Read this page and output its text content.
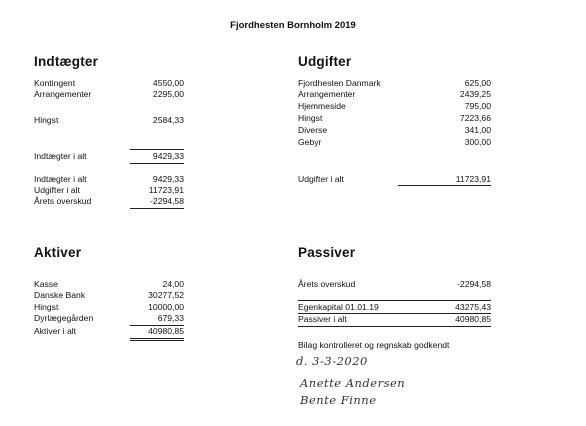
Fjordhesten Bornholm 2019
Indtægter
Kontingent	4550,00
Arrangementer	2295,00
Hingst	2584,33
Indtægter i alt	9429,33
Indtægter i alt	9429,33
Udgifter i alt	11723,91
Årets overskud	-2294,58
Udgifter
Fjordhesten Danmark	625,00
Arrangementer	2439,25
Hjemmeside	795,00
Hingst	7223,66
Diverse	341,00
Gebyr	300,00
Udgifter i alt	11723,91
Aktiver
Kasse	24,00
Danske Bank	30277,52
Hingst	10000,00
Dyrlægegården	679,33
Aktiver i alt	40980,85
Passiver
Årets overskud	-2294,58
Egenkapital 01.01.19	43275,43
Passiver i alt	40980,85
Bilag kontrolleret og regnskab godkendt
d. 3-3-2020
Anette Andersen
Bente Finne
